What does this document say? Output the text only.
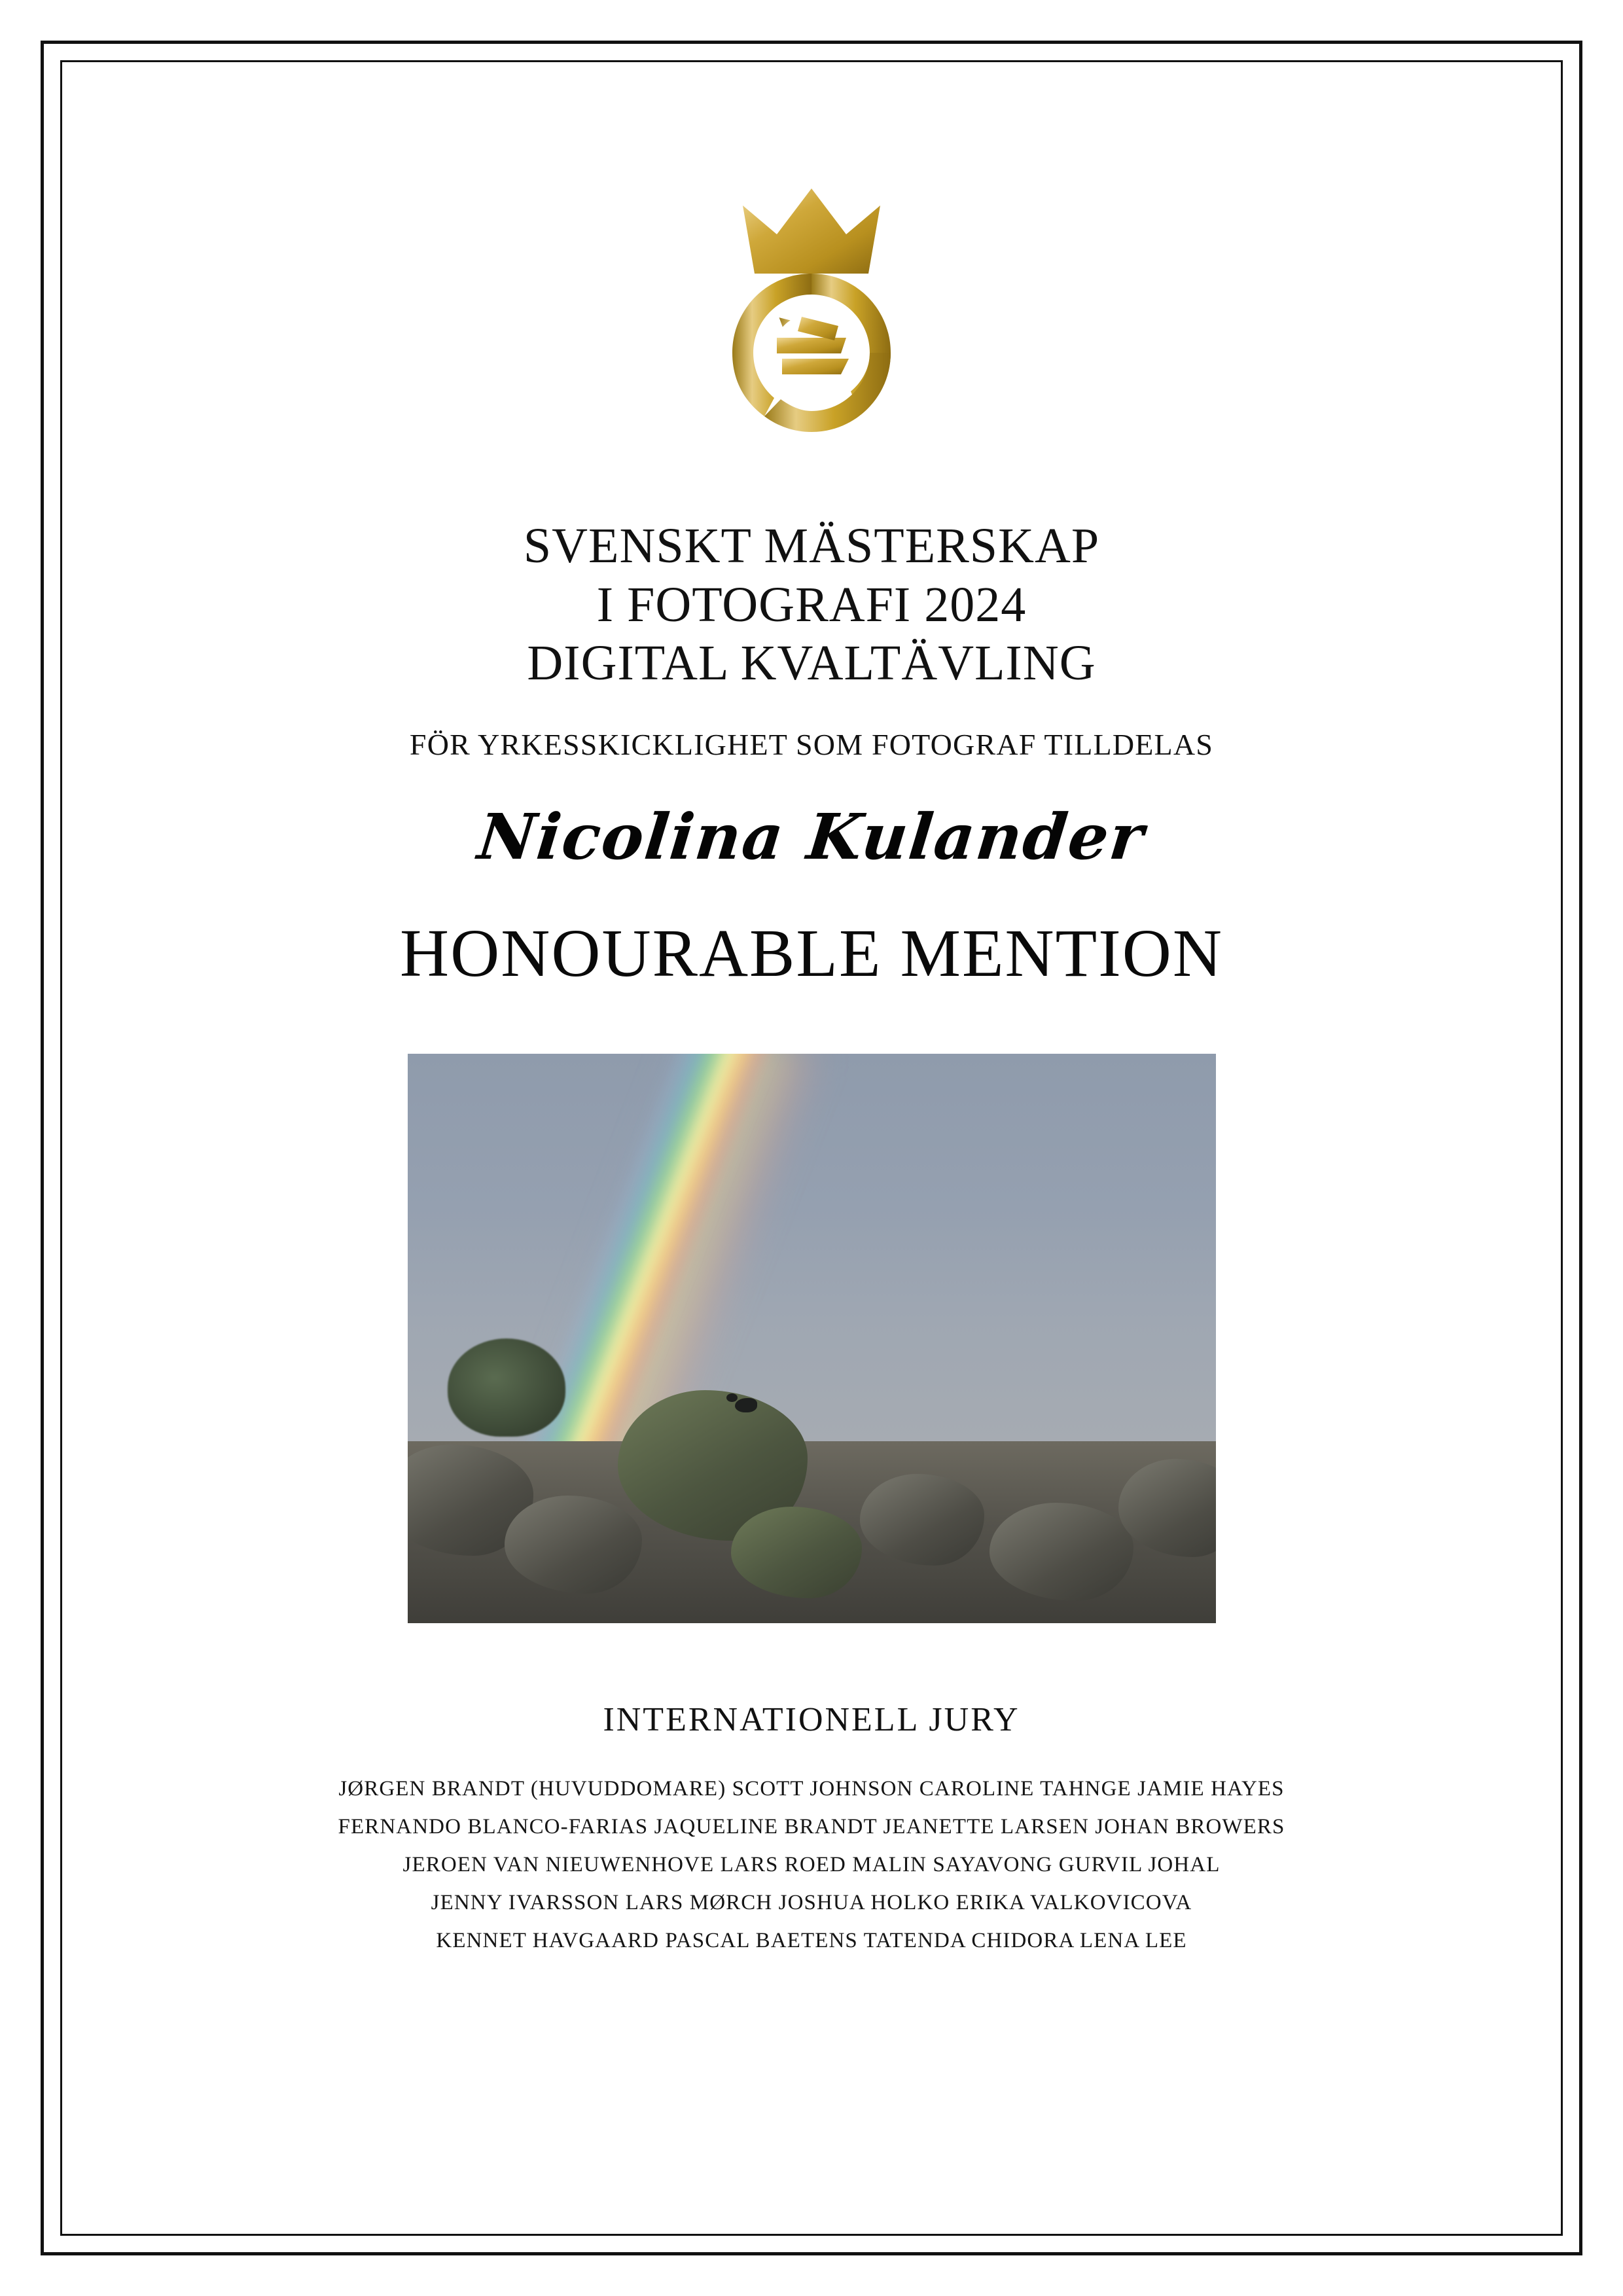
SVENSKT MÄSTERSKAP
I FOTOGRAFI 2024
DIGITAL KVALTÄVLING
FÖR YRKESSKICKLIGHET SOM FOTOGRAF TILLDELAS
Nicolina Kulander
HONOURABLE MENTION
INTERNATIONELL JURY
JØRGEN BRANDT (HUVUDDOMARE) SCOTT JOHNSON CAROLINE TAHNGE JAMIE HAYES
FERNANDO BLANCO-FARIAS JAQUELINE BRANDT JEANETTE LARSEN JOHAN BROWERS
JEROEN VAN NIEUWENHOVE LARS ROED MALIN SAYAVONG GURVIL JOHAL
JENNY IVARSSON LARS MØRCH JOSHUA HOLKO ERIKA VALKOVICOVA
KENNET HAVGAARD PASCAL BAETENS TATENDA CHIDORA LENA LEE
